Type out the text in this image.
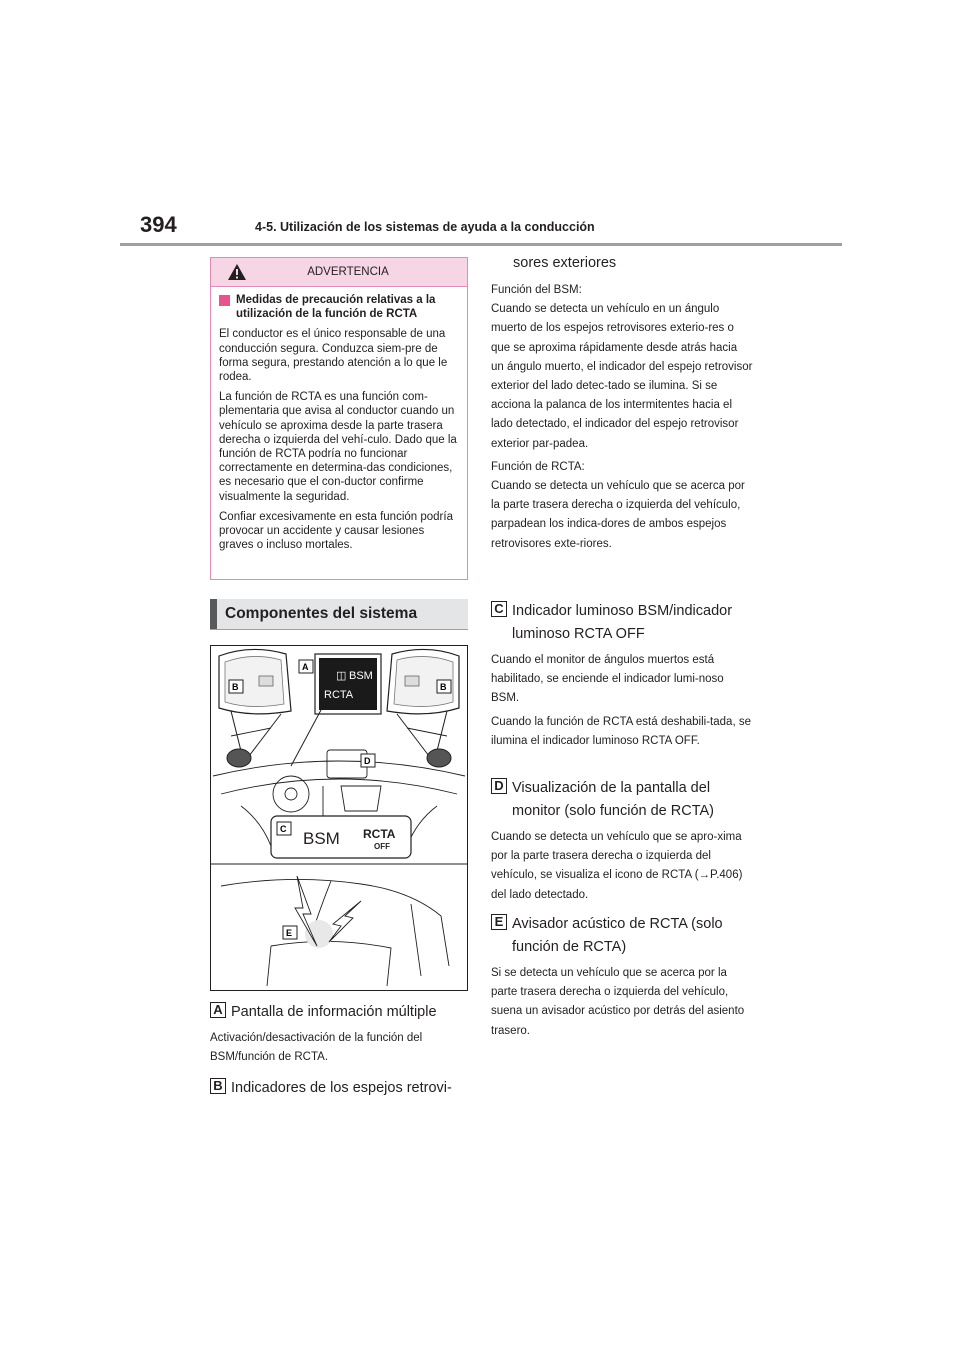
394	4-5. Utilización de los sistemas de ayuda a la conducción
ADVERTENCIA
Medidas de precaución relativas a la utilización de la función de RCTA

El conductor es el único responsable de una conducción segura. Conduzca siem-pre de forma segura, prestando atención a lo que le rodea.

La función de RCTA es una función com-plementaria que avisa al conductor cuando un vehículo se aproxima desde la parte trasera derecha o izquierda del vehí-culo. Dado que la función de RCTA podría no funcionar correctamente en determina-das condiciones, es necesario que el con-ductor confirme visualmente la seguridad.

Confiar excesivamente en esta función podría provocar un accidente y causar lesiones graves o incluso mortales.

Componentes del sistema
◫ BSM
RCTA
BSM RCTA
OFF
A
B	B
C
D
E
A Pantalla de información múltiple

Activación/desactivación de la función del BSM/función de RCTA.

B Indicadores de los espejos retrovi-
sores exteriores

Función del BSM:

Cuando se detecta un vehículo en un ángulo muerto de los espejos retrovisores exterio-res o que se aproxima rápidamente desde atrás hacia un ángulo muerto, el indicador del espejo retrovisor exterior del lado detec-tado se ilumina. Si se acciona la palanca de los intermitentes hacia el lado detectado, el indicador del espejo retrovisor exterior par-padea.

Función de RCTA:

Cuando se detecta un vehículo que se acerca por la parte trasera derecha o izquierda del vehículo, parpadean los indica-dores de ambos espejos retrovisores exte-riores.

C Indicador luminoso BSM/indicador luminoso RCTA OFF

Cuando el monitor de ángulos muertos está habilitado, se enciende el indicador lumi-noso BSM.

Cuando la función de RCTA está deshabili-tada, se ilumina el indicador luminoso RCTA OFF.

D Visualización de la pantalla del monitor (solo función de RCTA)

Cuando se detecta un vehículo que se apro-xima por la parte trasera derecha o izquierda del vehículo, se visualiza el icono de RCTA (→P.406) del lado detectado.

E Avisador acústico de RCTA (solo función de RCTA)

Si se detecta un vehículo que se acerca por la parte trasera derecha o izquierda del vehículo, suena un avisador acústico por detrás del asiento trasero.
